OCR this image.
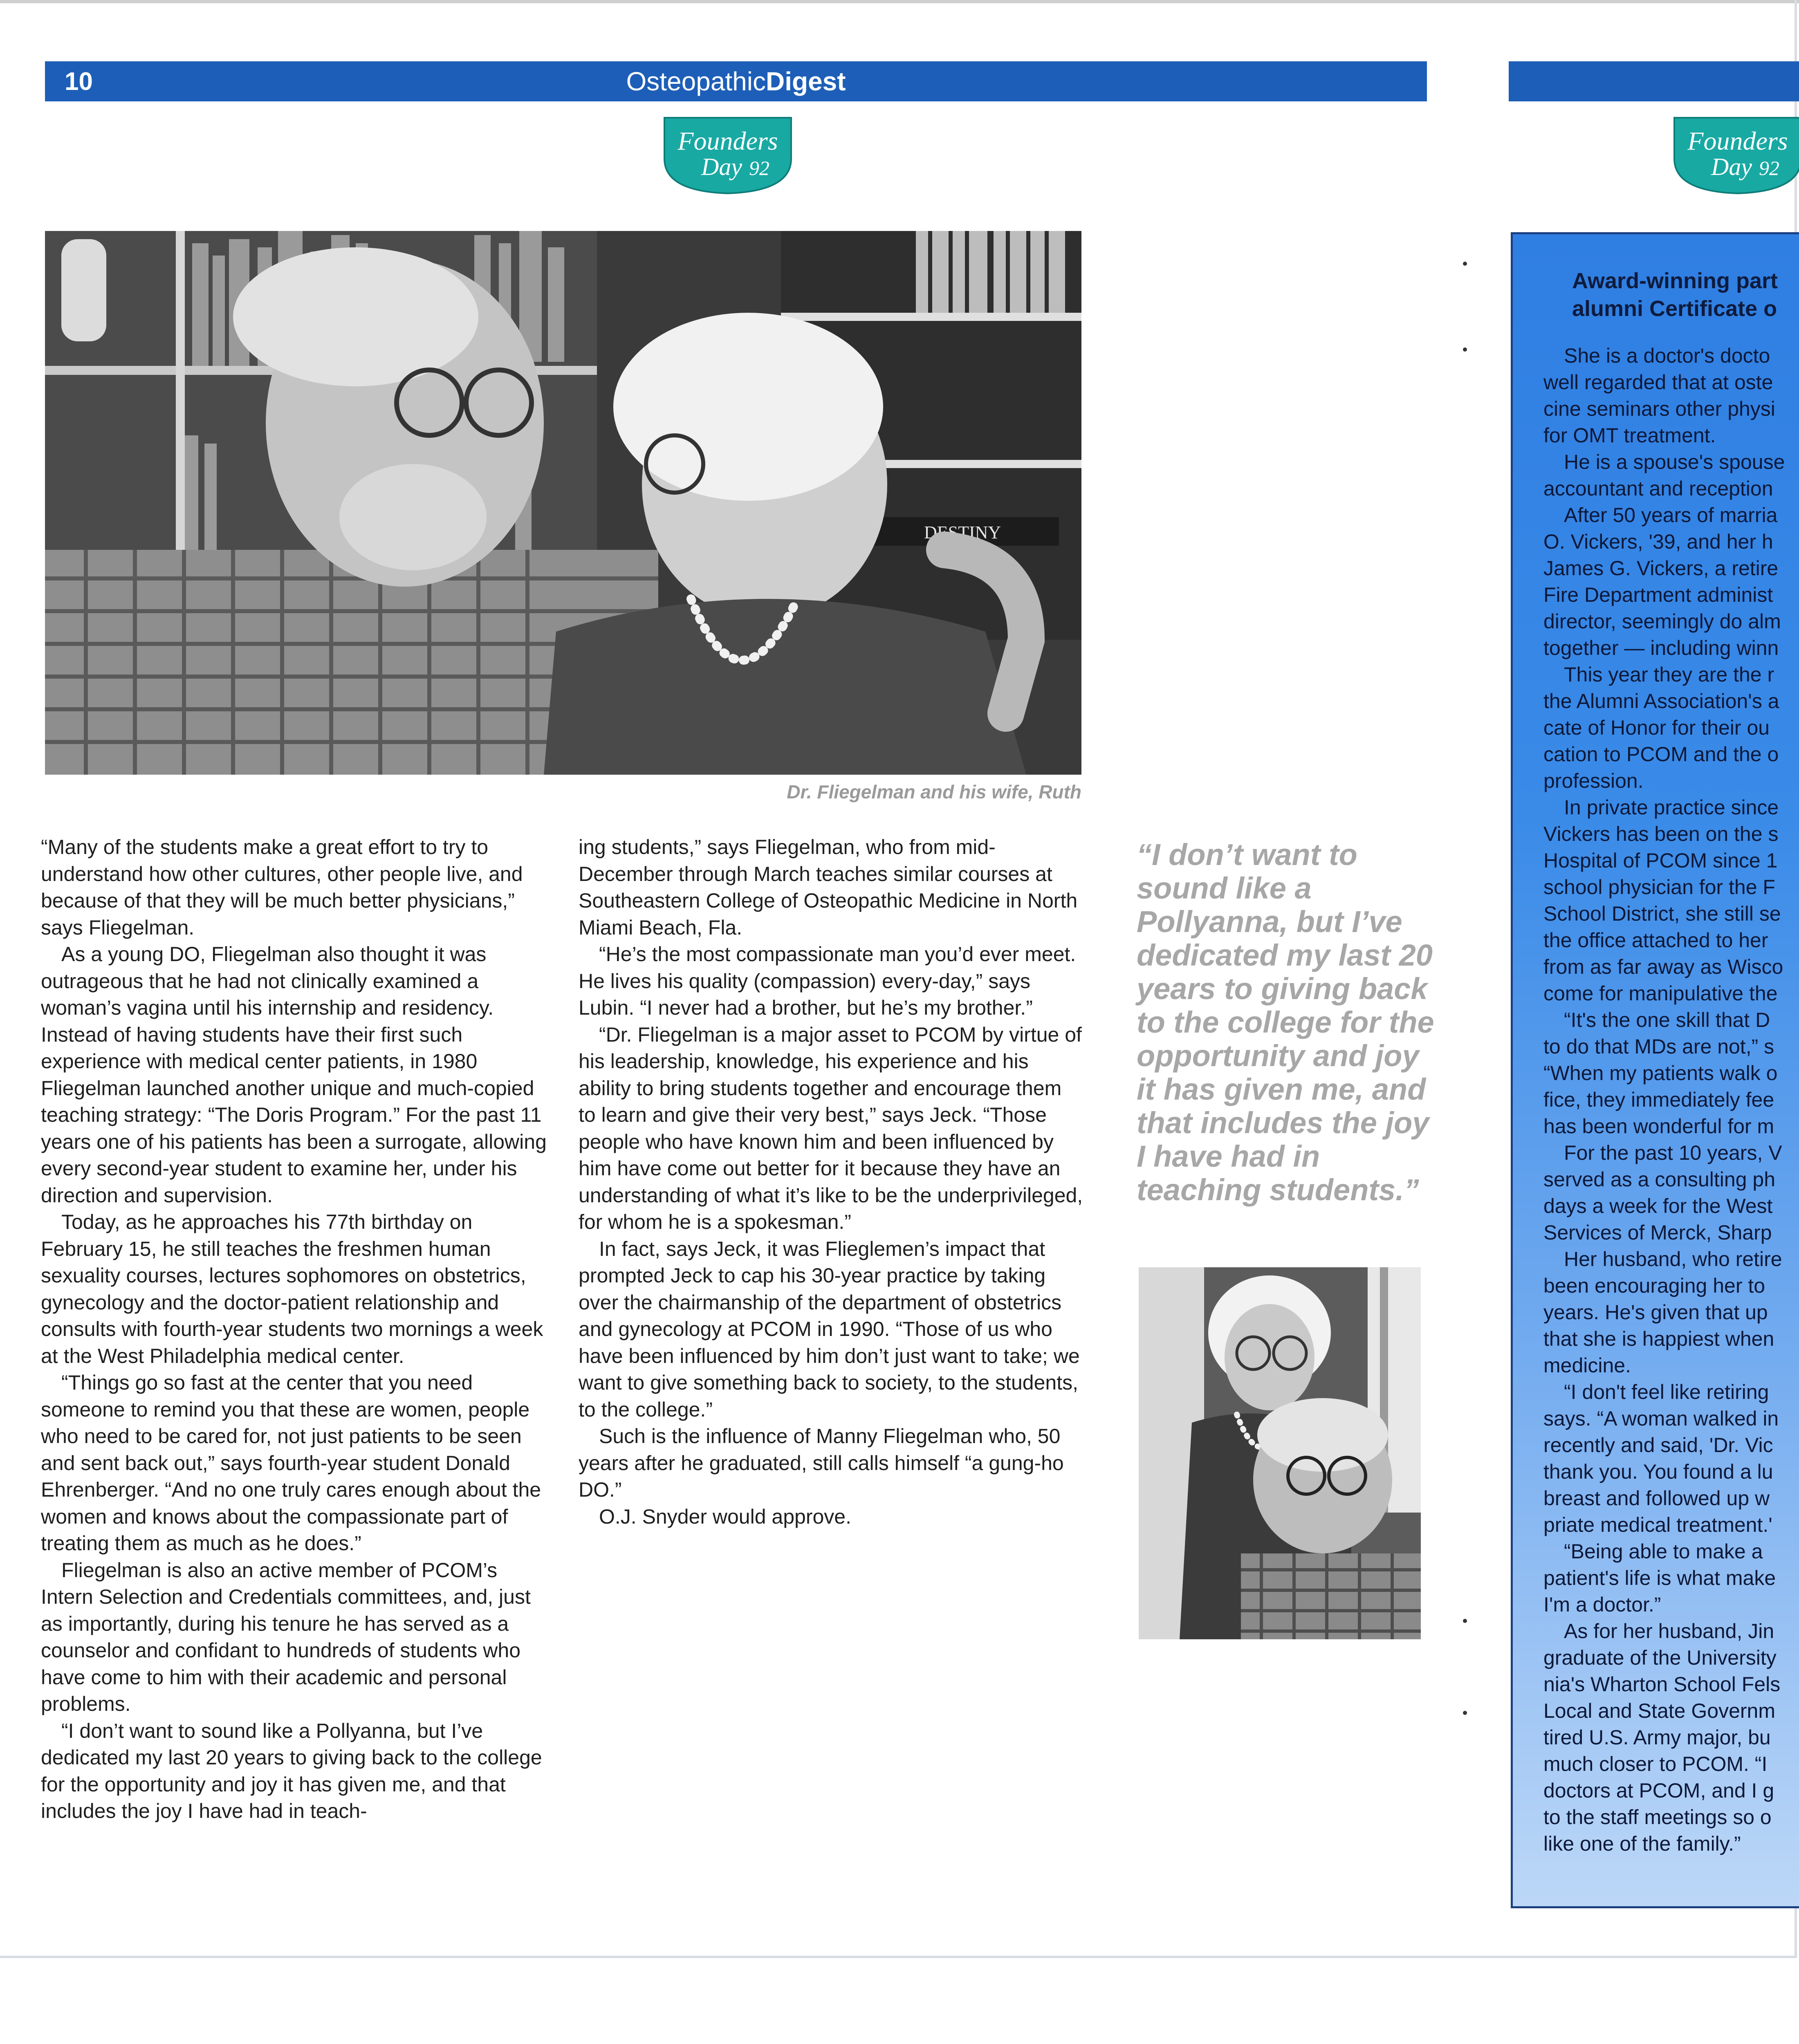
10	OsteopathicDigest
Founders
Day 92
Founders
Day 92
DESTINY
Dr. Fliegelman and his wife, Ruth

“Many of the students make a great effort to try to understand how other cultures, other people live, and because of that they will be much better physicians,” says Fliegelman.

As a young DO, Fliegelman also thought it was outrageous that he had not clinically examined a woman’s vagina until his internship and residency. Instead of having students have their first such experience with medical center patients, in 1980 Fliegelman launched another unique and much-copied teaching strategy: “The Doris Program.” For the past 11 years one of his patients has been a surrogate, allowing every second-year student to examine her, under his direction and supervision.

Today, as he approaches his 77th birthday on February 15, he still teaches the freshmen human sexuality courses, lectures sophomores on obstetrics, gynecology and the doctor-patient relationship and consults with fourth-year students two mornings a week at the West Philadelphia medical center.

“Things go so fast at the center that you need someone to remind you that these are women, people who need to be cared for, not just patients to be seen and sent back out,” says fourth-year student Donald Ehrenberger. “And no one truly cares enough about the women and knows about the compassionate part of treating them as much as he does.”

Fliegelman is also an active member of PCOM’s Intern Selection and Credentials committees, and, just as importantly, during his tenure he has served as a counselor and confidant to hundreds of students who have come to him with their academic and personal problems.

“I don’t want to sound like a Pollyanna, but I’ve dedicated my last 20 years to giving back to the college for the opportunity and joy it has given me, and that includes the joy I have had in teach-

ing students,” says Fliegelman, who from mid-December through March teaches similar courses at Southeastern College of Osteopathic Medicine in North Miami Beach, Fla.

“He’s the most compassionate man you’d ever meet. He lives his quality (compassion) every-day,” says Lubin. “I never had a brother, but he’s my brother.”

“Dr. Fliegelman is a major asset to PCOM by virtue of his leadership, knowledge, his experience and his ability to bring students together and encourage them to learn and give their very best,” says Jeck. “Those people who have known him and been influenced by him have come out better for it because they have an understanding of what it’s like to be the underprivileged, for whom he is a spokesman.”

In fact, says Jeck, it was Flieglemen’s impact that prompted Jeck to cap his 30-year practice by taking over the chairmanship of the department of obstetrics and gynecology at PCOM in 1990. “Those of us who have been influenced by him don’t just want to take; we want to give something back to society, to the students, to the college.”

Such is the influence of Manny Fliegelman who, 50 years after he graduated, still calls himself “a gung-ho DO.”

O.J. Snyder would approve.

“I don’t want to sound like a Pollyanna, but I’ve dedicated my last 20 years to giving back to the college for the opportunity and joy it has given me, and that includes the joy I have had in teaching students.”
Award-winning part
alumni Certificate o

She is a doctor's docto

well regarded that at oste

cine seminars other physi

for OMT treatment.

He is a spouse's spouse

accountant and reception

After 50 years of marria

O. Vickers, '39, and her h

James G. Vickers, a retire

Fire Department administ

director, seemingly do alm

together — including winn

This year they are the r

the Alumni Association's a

cate of Honor for their ou

cation to PCOM and the o

profession.

In private practice since

Vickers has been on the s

Hospital of PCOM since 1

school physician for the F

School District, she still se

the office attached to her

from as far away as Wisco

come for manipulative the

“It's the one skill that D

to do that MDs are not,” s

“When my patients walk o

fice, they immediately fee

has been wonderful for m

For the past 10 years, V

served as a consulting ph

days a week for the West

Services of Merck, Sharp

Her husband, who retire

been encouraging her to

years. He's given that up

that she is happiest when

medicine.

“I don't feel like retiring

says. “A woman walked in

recently and said, 'Dr. Vic

thank you. You found a lu

breast and followed up w

priate medical treatment.'

“Being able to make a

patient's life is what make

I'm a doctor.”

As for her husband, Jin

graduate of the University

nia's Wharton School Fels

Local and State Governm

tired U.S. Army major, bu

much closer to PCOM. “I

doctors at PCOM, and I g

to the staff meetings so o

like one of the family.”
